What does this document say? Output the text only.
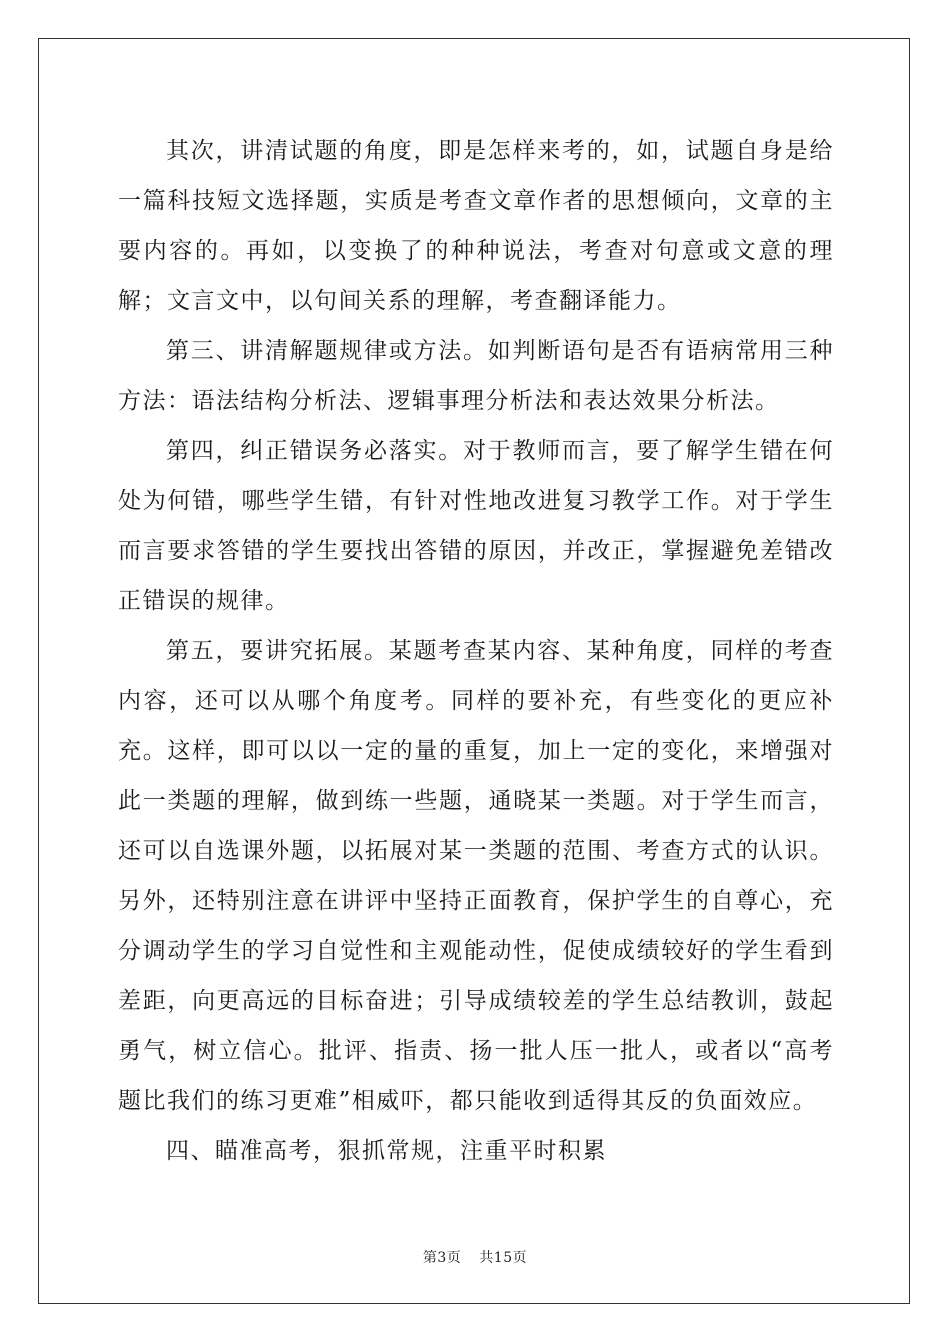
其次，讲清试题的角度，即是怎样来考的，如，试题自身是给一篇科技短文选择题，实质是考查文章作者的思想倾向，文章的主要内容的。再如，以变换了的种种说法，考查对句意或文意的理解；文言文中，以句间关系的理解，考查翻译能力。

第三、讲清解题规律或方法。如判断语句是否有语病常用三种方法：语法结构分析法、逻辑事理分析法和表达效果分析法。

第四，纠正错误务必落实。对于教师而言，要了解学生错在何处为何错，哪些学生错，有针对性地改进复习教学工作。对于学生而言要求答错的学生要找出答错的原因，并改正，掌握避免差错改正错误的规律。

第五，要讲究拓展。某题考查某内容、某种角度，同样的考查内容，还可以从哪个角度考。同样的要补充，有些变化的更应补充。这样，即可以以一定的量的重复，加上一定的变化，来增强对此一类题的理解，做到练一些题，通晓某一类题。对于学生而言，还可以自选课外题，以拓展对某一类题的范围、考查方式的认识。另外，还特别注意在讲评中坚持正面教育，保护学生的自尊心，充分调动学生的学习自觉性和主观能动性，促使成绩较好的学生看到差距，向更高远的目标奋进；引导成绩较差的学生总结教训，鼓起勇气，树立信心。批评、指责、扬一批人压一批人，或者以“高考题比我们的练习更难”相威吓，都只能收到适得其反的负面效应。

四、瞄准高考，狠抓常规，注重平时积累

第3页 共15页
